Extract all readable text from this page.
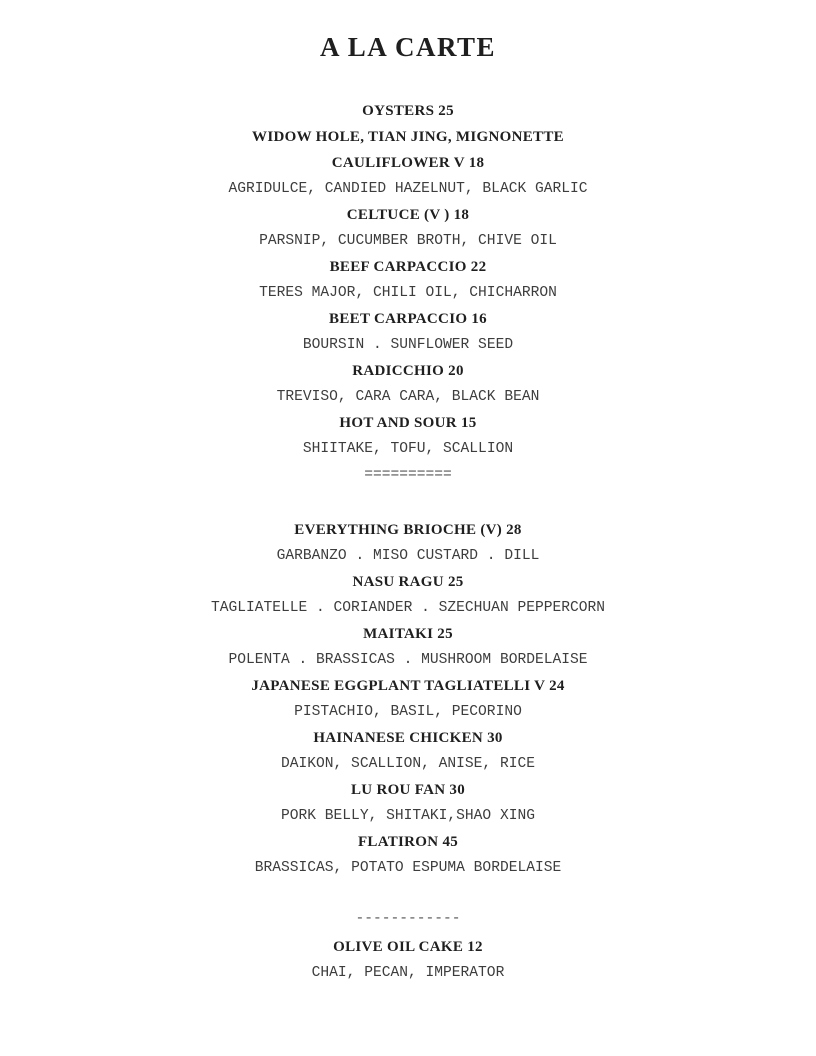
A LA CARTE
OYSTERS 25
WIDOW HOLE, TIAN JING, MIGNONETTE
CAULIFLOWER V 18
AGRIDULCE, CANDIED HAZELNUT, BLACK GARLIC
CELTUCE (V ) 18
PARSNIP, CUCUMBER BROTH, CHIVE OIL
BEEF CARPACCIO 22
TERES MAJOR, CHILI OIL, CHICHARRON
BEET CARPACCIO 16
BOURSIN . SUNFLOWER SEED
RADICCHIO 20
TREVISO, CARA CARA, BLACK BEAN
HOT AND SOUR 15
SHIITAKE, TOFU, SCALLION
==========
EVERYTHING BRIOCHE (V) 28
GARBANZO . MISO CUSTARD . DILL
NASU RAGU 25
TAGLIATELLE . CORIANDER . SZECHUAN PEPPERCORN
MAITAKI 25
POLENTA . BRASSICAS . MUSHROOM BORDELAISE
JAPANESE EGGPLANT TAGLIATELLI V 24
PISTACHIO, BASIL, PECORINO
HAINANESE CHICKEN 30
DAIKON, SCALLION, ANISE, RICE
LU ROU FAN 30
PORK BELLY, SHITAKI,SHAO XING
FLATIRON 45
BRASSICAS, POTATO ESPUMA BORDELAISE
------------
OLIVE OIL CAKE 12
CHAI, PECAN, IMPERATOR
